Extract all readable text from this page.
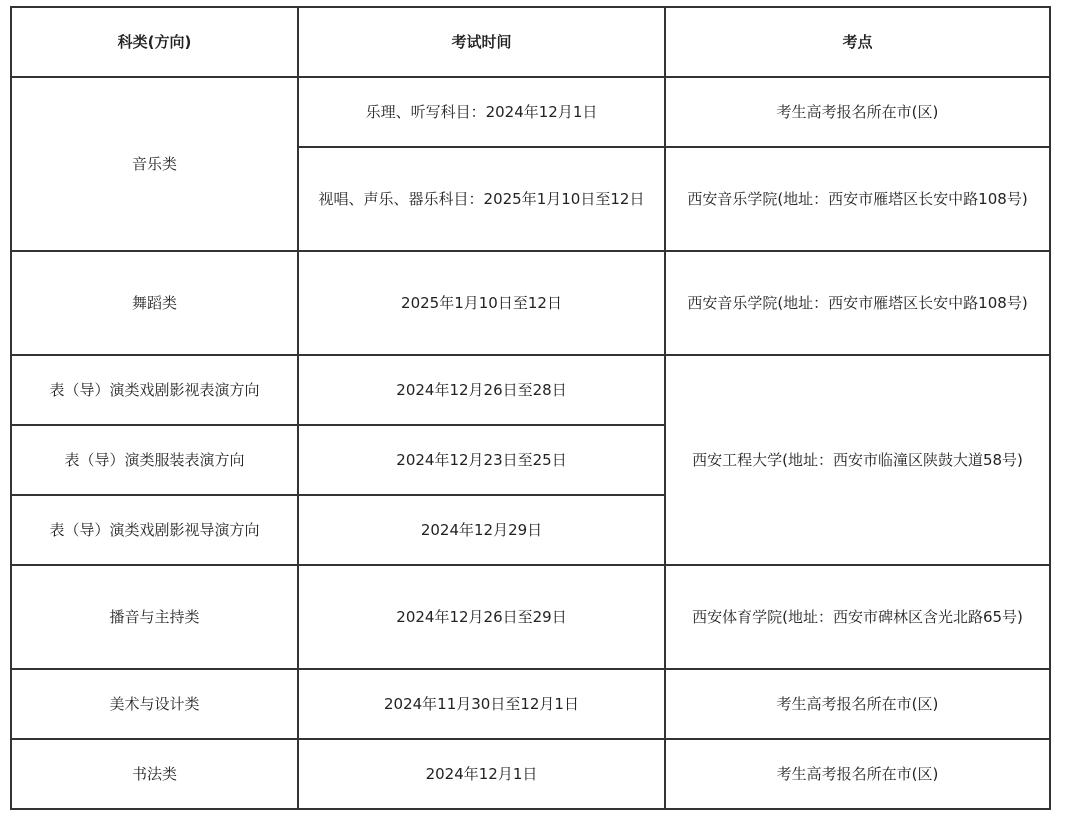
科类(方向)	考试时间	考点
音乐类	乐理、听写科目：2024年12月1日	考生高考报名所在市(区)
	视唱、声乐、器乐科目：2025年1月10日至12日	西安音乐学院(地址：西安市雁塔区长安中路108号)
舞蹈类	2025年1月10日至12日	西安音乐学院(地址：西安市雁塔区长安中路108号)
表（导）演类戏剧影视表演方向	2024年12月26日至28日	西安工程大学(地址：西安市临潼区陕鼓大道58号)
表（导）演类服装表演方向	2024年12月23日至25日	
表（导）演类戏剧影视导演方向	2024年12月29日	
播音与主持类	2024年12月26日至29日	西安体育学院(地址：西安市碑林区含光北路65号)
美术与设计类	2024年11月30日至12月1日	考生高考报名所在市(区)
书法类	2024年12月1日	考生高考报名所在市(区)
